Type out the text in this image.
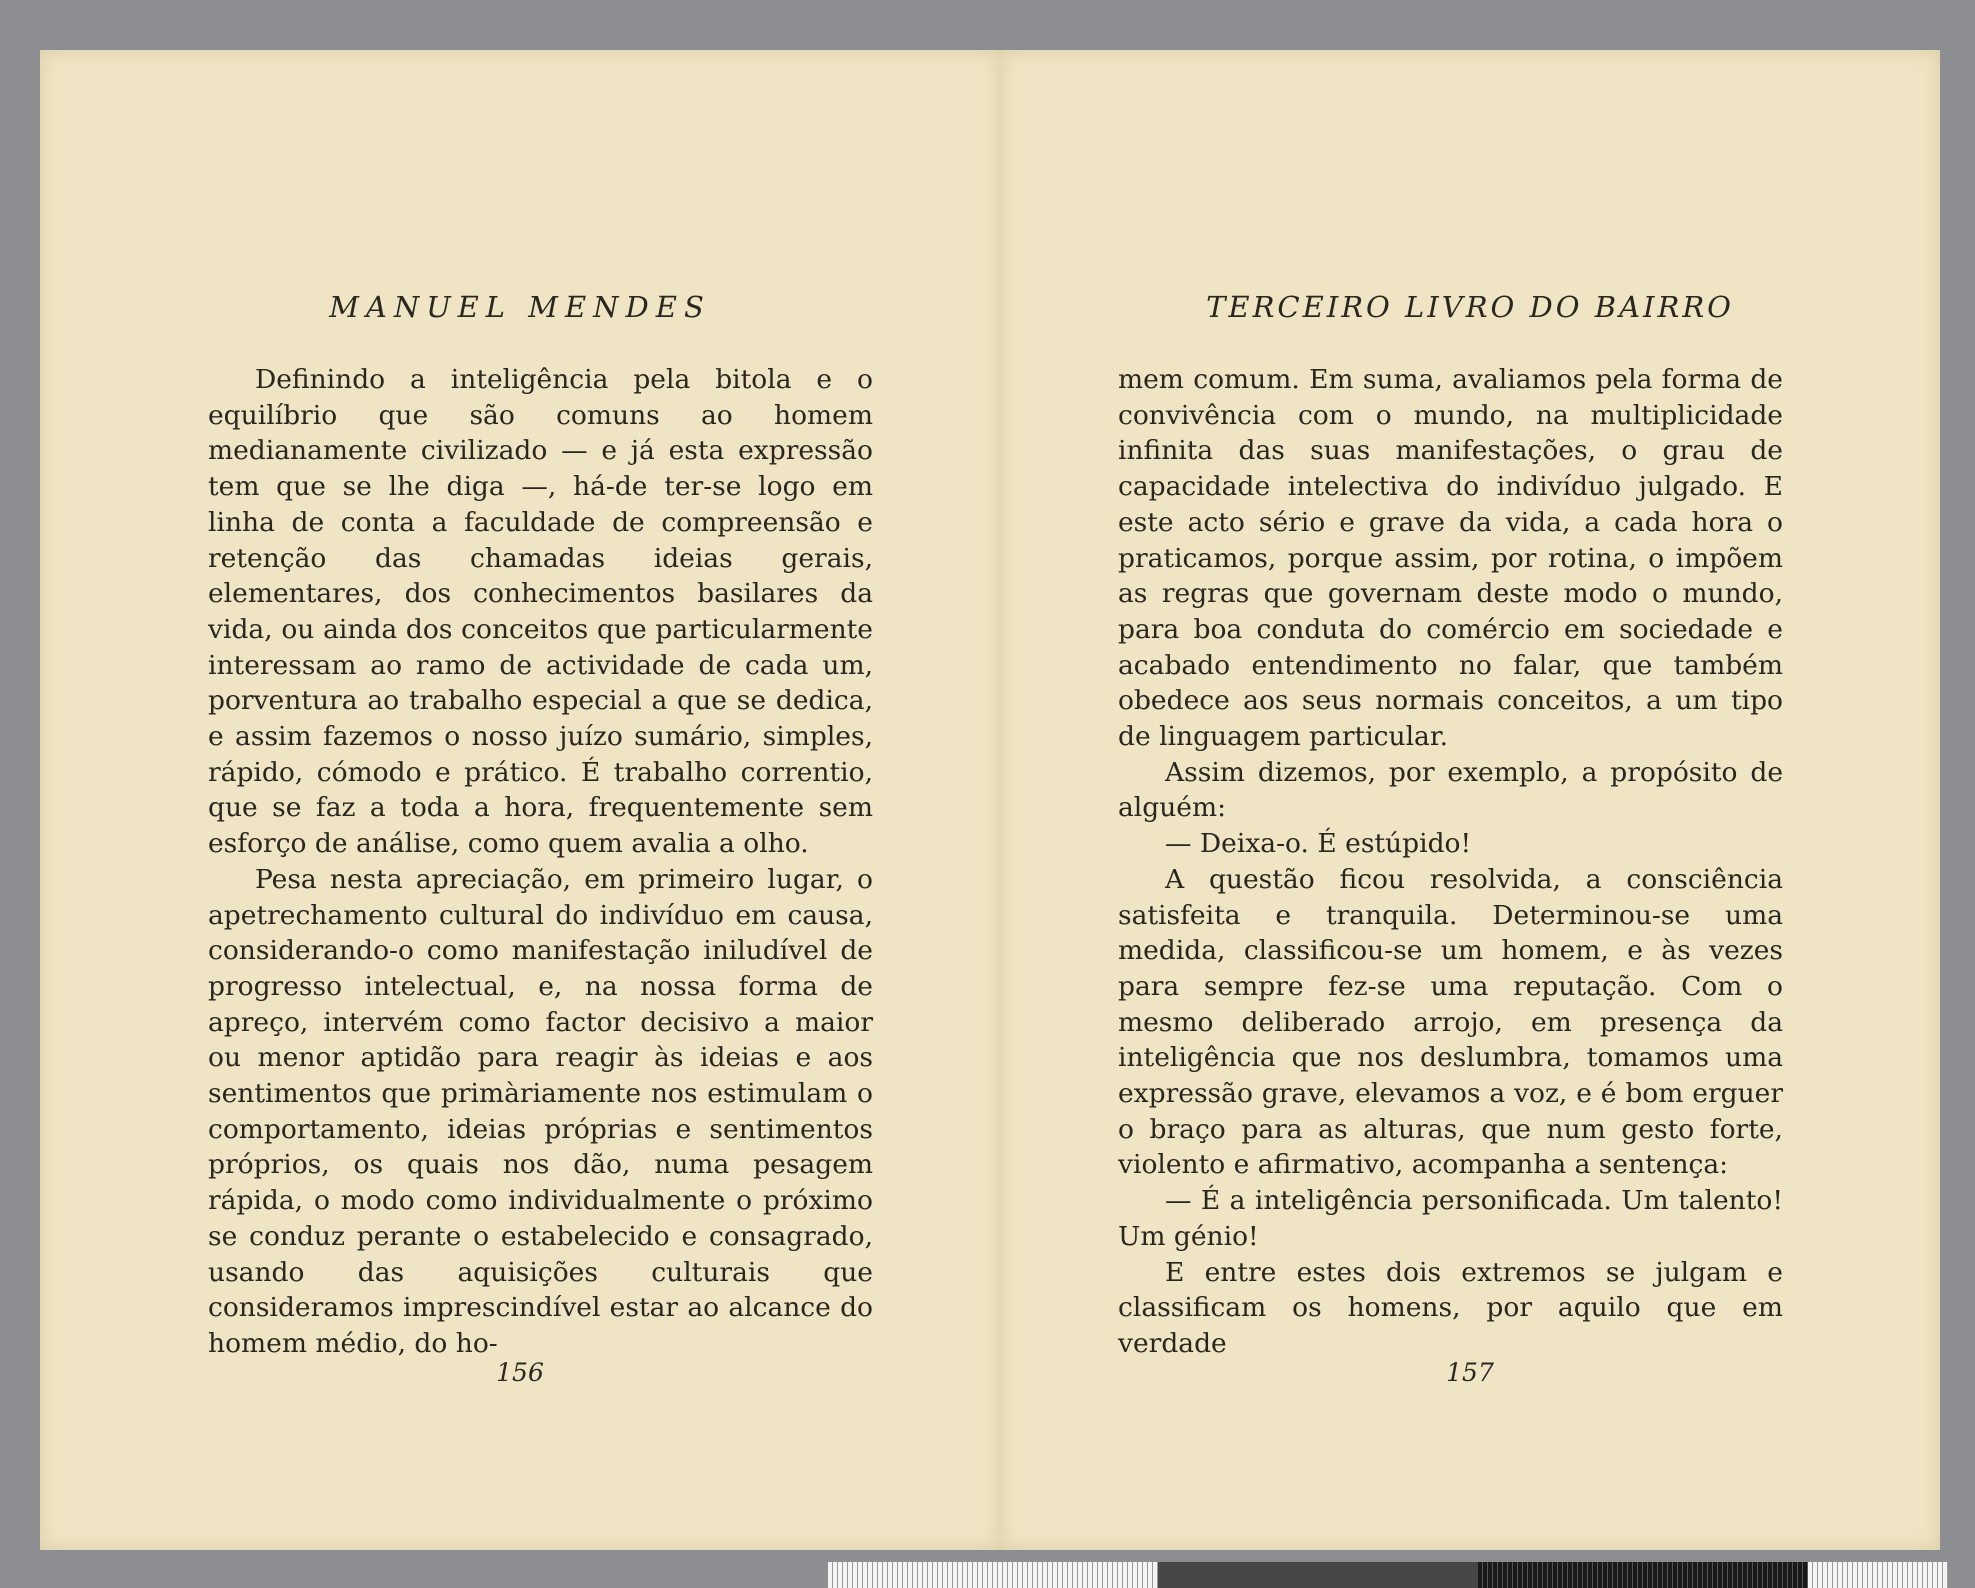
MANUEL MENDES

Definindo a inteligência pela bitola e o equilíbrio que são comuns ao homem medianamente civilizado — e já esta expressão tem que se lhe diga —, há-de ter-se logo em linha de conta a faculdade de compreensão e retenção das chamadas ideias gerais, elementares, dos conhecimentos basilares da vida, ou ainda dos conceitos que particularmente interessam ao ramo de actividade de cada um, porventura ao trabalho especial a que se dedica, e assim fazemos o nosso juízo sumário, simples, rápido, cómodo e prático. É trabalho correntio, que se faz a toda a hora, frequentemente sem esforço de análise, como quem avalia a olho.

Pesa nesta apreciação, em primeiro lugar, o apetrechamento cultural do indivíduo em causa, considerando-o como manifestação iniludível de progresso intelectual, e, na nossa forma de apreço, intervém como factor decisivo a maior ou menor aptidão para reagir às ideias e aos sentimentos que primàriamente nos estimulam o comportamento, ideias próprias e sentimentos próprios, os quais nos dão, numa pesagem rápida, o modo como individualmente o próximo se conduz perante o estabelecido e consagrado, usando das aquisições culturais que consideramos imprescindível estar ao alcance do homem médio, do ho-

156
TERCEIRO LIVRO DO BAIRRO

mem comum. Em suma, avaliamos pela forma de convivência com o mundo, na multiplicidade infinita das suas manifestações, o grau de capacidade intelectiva do indivíduo julgado. E este acto sério e grave da vida, a cada hora o praticamos, porque assim, por rotina, o impõem as regras que governam deste modo o mundo, para boa conduta do comércio em sociedade e acabado entendimento no falar, que também obedece aos seus normais conceitos, a um tipo de linguagem particular.

Assim dizemos, por exemplo, a propósito de alguém:

— Deixa-o. É estúpido!

A questão ficou resolvida, a consciência satisfeita e tranquila. Determinou-se uma medida, classificou-se um homem, e às vezes para sempre fez-se uma reputação. Com o mesmo deliberado arrojo, em presença da inteligência que nos deslumbra, tomamos uma expressão grave, elevamos a voz, e é bom erguer o braço para as alturas, que num gesto forte, violento e afirmativo, acompanha a sentença:

— É a inteligência personificada. Um talento! Um génio!

E entre estes dois extremos se julgam e classificam os homens, por aquilo que em verdade

157
